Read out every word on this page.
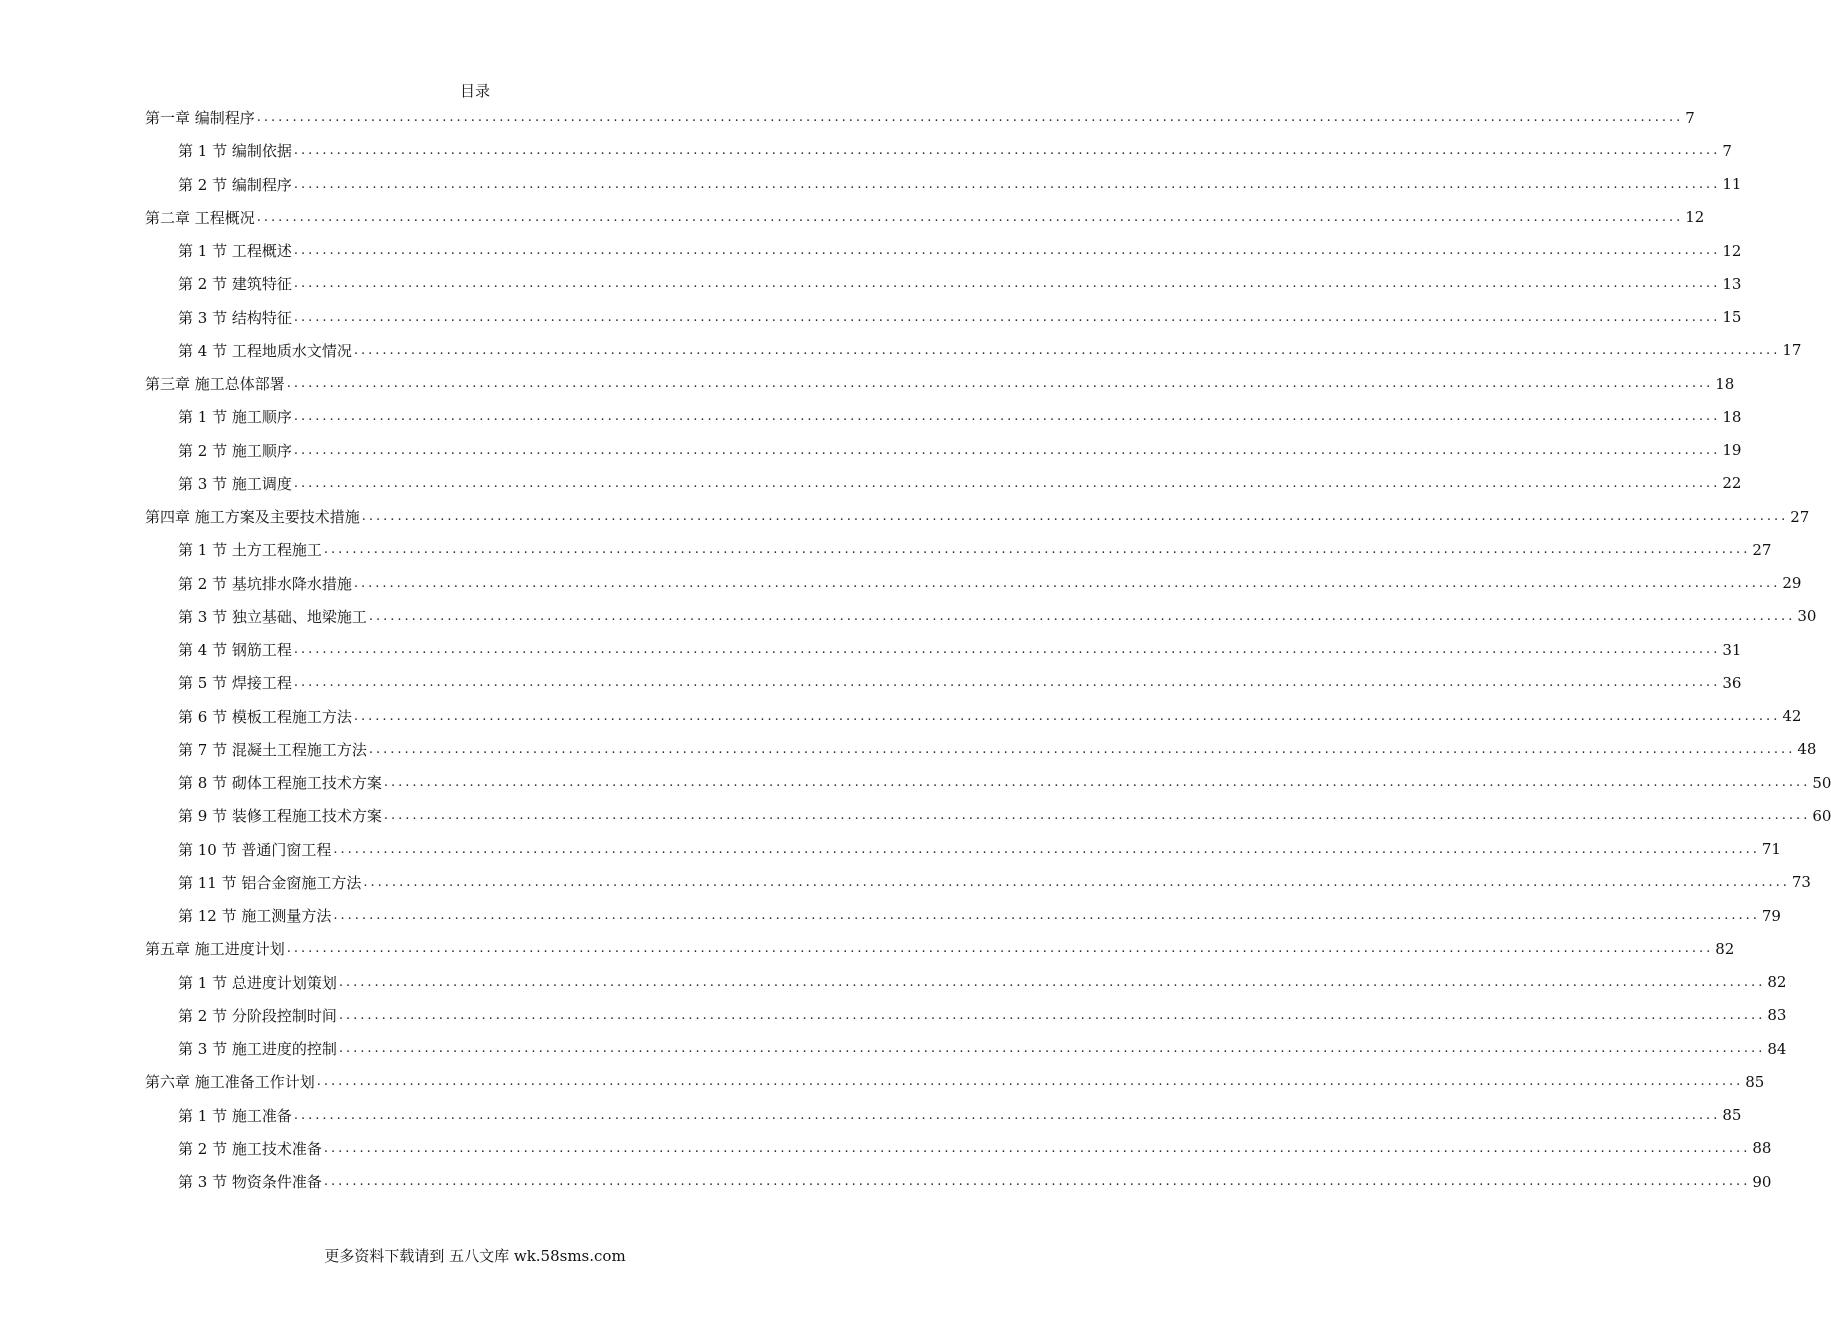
目录
第一章 编制程序 ........................................................................................................................................................................................................ 7
第 1 节 编制依据 ........................................................................................................................................................................................................ 7
第 2 节 编制程序 ........................................................................................................................................................................................................ 11
第二章 工程概况 ........................................................................................................................................................................................................ 12
第 1 节 工程概述 ........................................................................................................................................................................................................ 12
第 2 节 建筑特征 ........................................................................................................................................................................................................ 13
第 3 节 结构特征 ........................................................................................................................................................................................................ 15
第 4 节 工程地质水文情况 ........................................................................................................................................................................................................ 17
第三章 施工总体部署 ........................................................................................................................................................................................................ 18
第 1 节 施工顺序 ........................................................................................................................................................................................................ 18
第 2 节 施工顺序 ........................................................................................................................................................................................................ 19
第 3 节 施工调度 ........................................................................................................................................................................................................ 22
第四章 施工方案及主要技术措施 ........................................................................................................................................................................................................ 27
第 1 节 土方工程施工 ........................................................................................................................................................................................................ 27
第 2 节 基坑排水降水措施 ........................................................................................................................................................................................................ 29
第 3 节 独立基础、地梁施工 ........................................................................................................................................................................................................ 30
第 4 节 钢筋工程 ........................................................................................................................................................................................................ 31
第 5 节 焊接工程 ........................................................................................................................................................................................................ 36
第 6 节 模板工程施工方法 ........................................................................................................................................................................................................ 42
第 7 节 混凝土工程施工方法 ........................................................................................................................................................................................................ 48
第 8 节 砌体工程施工技术方案 ........................................................................................................................................................................................................ 50
第 9 节 装修工程施工技术方案 ........................................................................................................................................................................................................ 60
第 10 节 普通门窗工程 ........................................................................................................................................................................................................ 71
第 11 节 铝合金窗施工方法 ........................................................................................................................................................................................................ 73
第 12 节 施工测量方法 ........................................................................................................................................................................................................ 79
第五章 施工进度计划 ........................................................................................................................................................................................................ 82
第 1 节 总进度计划策划 ........................................................................................................................................................................................................ 82
第 2 节 分阶段控制时间 ........................................................................................................................................................................................................ 83
第 3 节 施工进度的控制 ........................................................................................................................................................................................................ 84
第六章 施工准备工作计划 ........................................................................................................................................................................................................ 85
第 1 节 施工准备 ........................................................................................................................................................................................................ 85
第 2 节 施工技术准备 ........................................................................................................................................................................................................ 88
第 3 节 物资条件准备 ........................................................................................................................................................................................................ 90
更多资料下载请到 五八文库 wk.58sms.com
